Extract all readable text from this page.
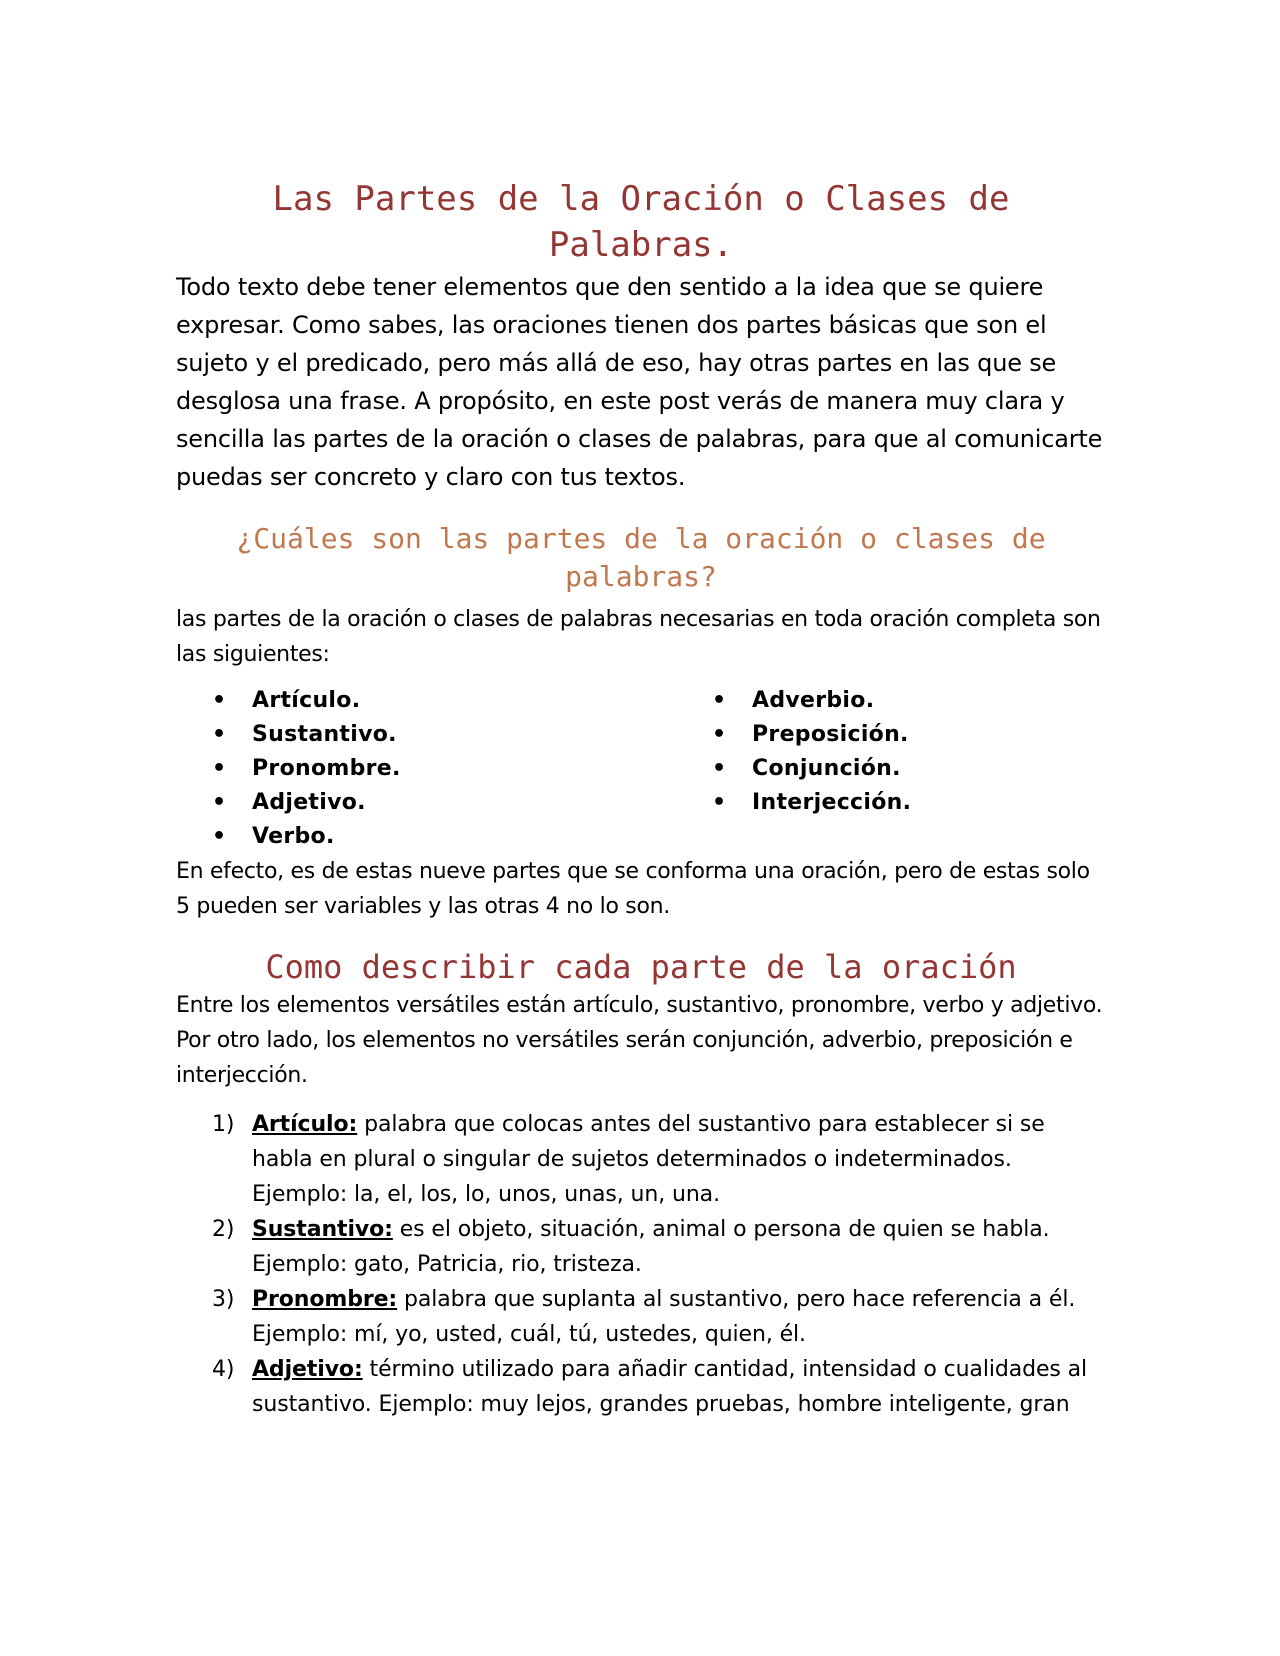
Las Partes de la Oración o Clases de Palabras.

Todo texto debe tener elementos que den sentido a la idea que se quiere expresar. Como sabes, las oraciones tienen dos partes básicas que son el sujeto y el predicado, pero más allá de eso, hay otras partes en las que se desglosa una frase. A propósito, en este post verás de manera muy clara y sencilla las partes de la oración o clases de palabras, para que al comunicarte puedas ser concreto y claro con tus textos.

¿Cuáles son las partes de la oración o clases de palabras?

las partes de la oración o clases de palabras necesarias en toda oración completa son las siguientes:

• Artículo.
• Sustantivo.
• Pronombre.
• Adjetivo.
• Verbo.
• Adverbio.
• Preposición.
• Conjunción.
• Interjección.

En efecto, es de estas nueve partes que se conforma una oración, pero de estas solo 5 pueden ser variables y las otras 4 no lo son.

Como describir cada parte de la oración

Entre los elementos versátiles están artículo, sustantivo, pronombre, verbo y adjetivo. Por otro lado, los elementos no versátiles serán conjunción, adverbio, preposición e interjección.

1) Artículo: palabra que colocas antes del sustantivo para establecer si se habla en plural o singular de sujetos determinados o indeterminados. Ejemplo: la, el, los, lo, unos, unas, un, una.
2) Sustantivo: es el objeto, situación, animal o persona de quien se habla. Ejemplo: gato, Patricia, rio, tristeza.
3) Pronombre: palabra que suplanta al sustantivo, pero hace referencia a él. Ejemplo: mí, yo, usted, cuál, tú, ustedes, quien, él.
4) Adjetivo: término utilizado para añadir cantidad, intensidad o cualidades al sustantivo. Ejemplo: muy lejos, grandes pruebas, hombre inteligente, gran
